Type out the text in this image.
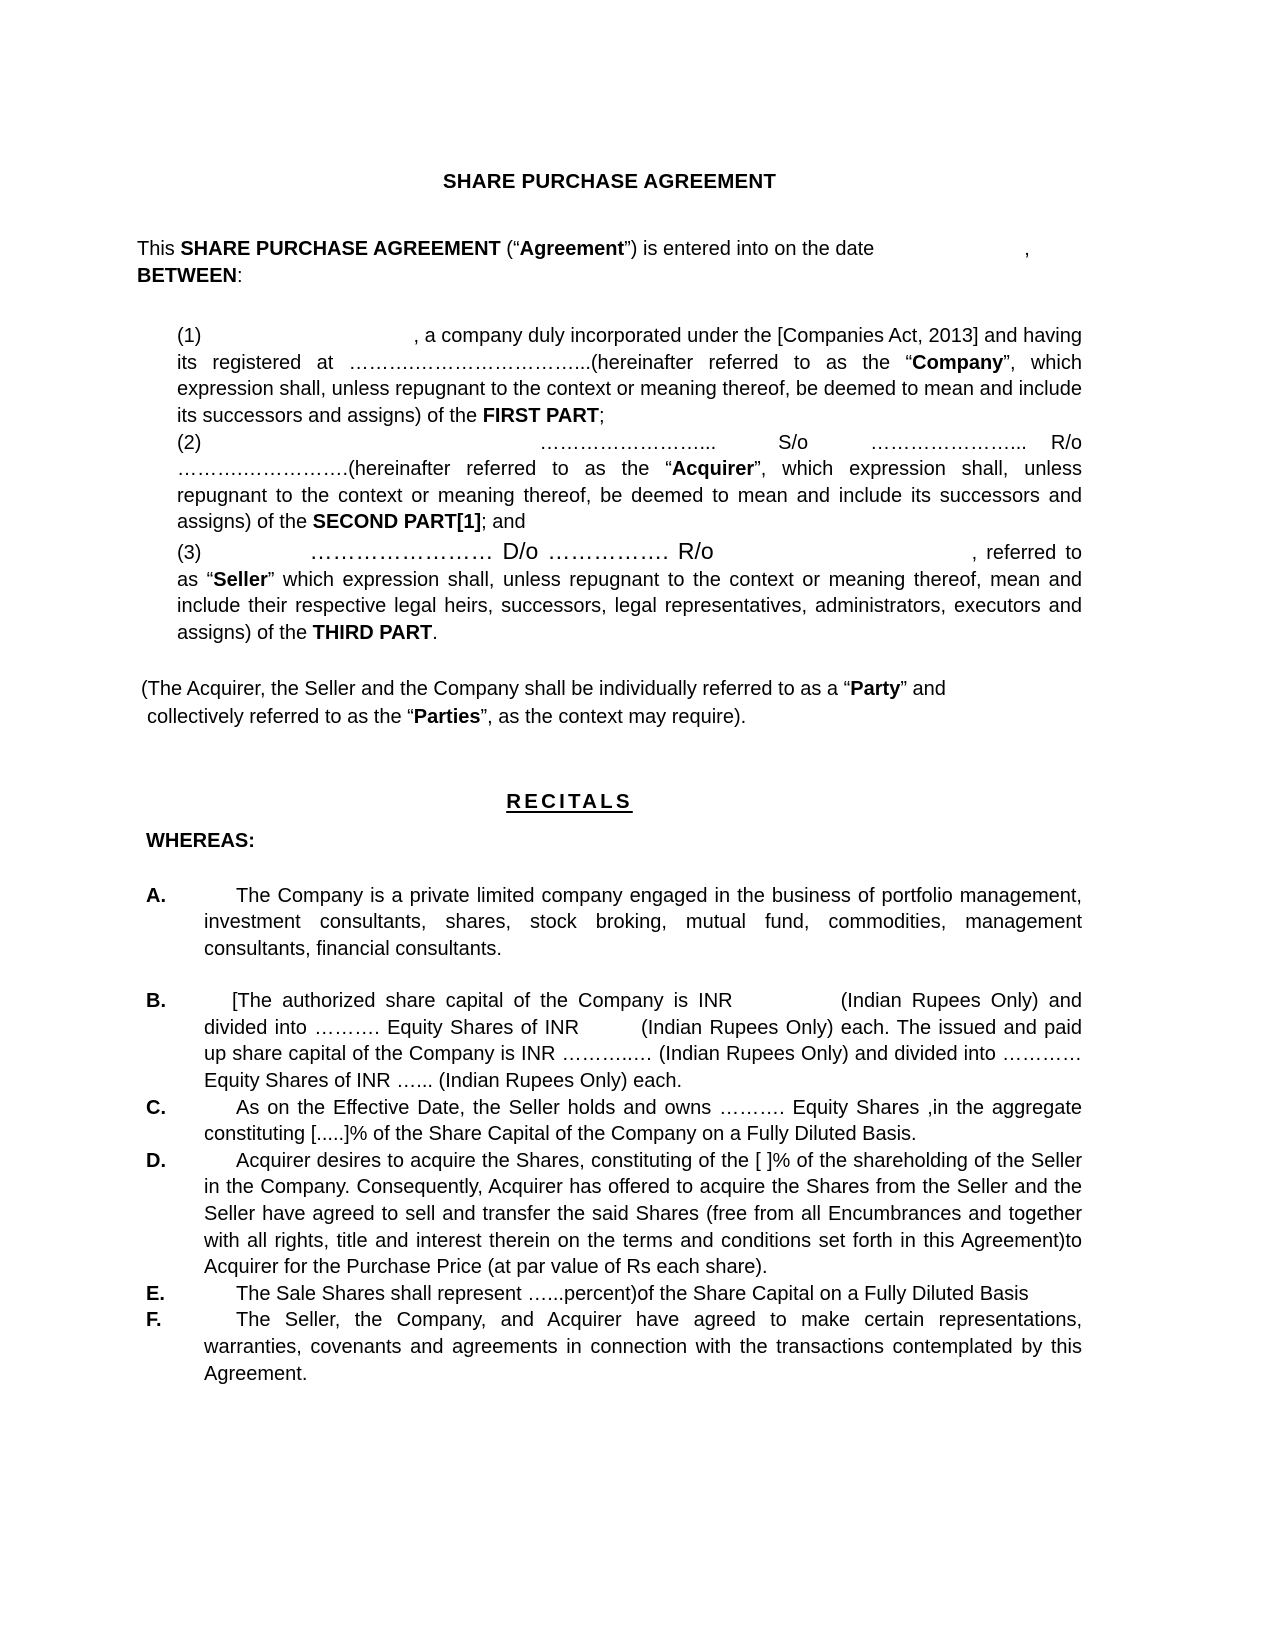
SHARE PURCHASE AGREEMENT

This SHARE PURCHASE AGREEMENT (“Agreement”) is entered into on the date	,
BETWEEN:

(1)	, a company duly incorporated under the [Companies Act, 2013] and having its registered at ……….……………………...(hereinafter referred to as the “Company”, which expression shall, unless repugnant to the context or meaning thereof, be deemed to mean and include its successors and assigns) of the FIRST PART;

(2)	……………………...	S/o	…………………... R/o ……….…………….(hereinafter referred to as the “Acquirer”, which expression shall, unless repugnant to the context or meaning thereof, be deemed to mean and include its successors and assigns) of the SECOND PART[1]; and

(3)	…………………… D/o ……………. R/o	, referred to as “Seller” which expression shall, unless repugnant to the context or meaning thereof, mean and include their respective legal heirs, successors, legal representatives, administrators, executors and assigns) of the THIRD PART.

(The Acquirer, the Seller and the Company shall be individually referred to as a “Party” and
collectively referred to as the “Parties”, as the context may require).

RECITALS
WHEREAS:
A.	The Company is a private limited company engaged in the business of portfolio management, investment consultants, shares, stock broking, mutual fund, commodities, management consultants, financial consultants.
B.	[The authorized share capital of the Company is INR	(Indian Rupees Only) and divided into ………. Equity Shares of INR	(Indian Rupees Only) each. The issued and paid up share capital of the Company is INR ………..… (Indian Rupees Only) and divided into ………… Equity Shares of INR …... (Indian Rupees Only) each.
C.	As on the Effective Date, the Seller holds and owns ………. Equity Shares ,in the aggregate constituting [.....]% of the Share Capital of the Company on a Fully Diluted Basis.
D.	Acquirer desires to acquire the Shares, constituting of the [ ]% of the shareholding of the Seller in the Company. Consequently, Acquirer has offered to acquire the Shares from the Seller and the Seller have agreed to sell and transfer the said Shares (free from all Encumbrances and together with all rights, title and interest therein on the terms and conditions set forth in this Agreement)to Acquirer for the Purchase Price (at par value of Rs each share).
E.	The Sale Shares shall represent …...percent)of the Share Capital on a Fully Diluted Basis
F.	The Seller, the Company, and Acquirer have agreed to make certain representations, warranties, covenants and agreements in connection with the transactions contemplated by this Agreement.
